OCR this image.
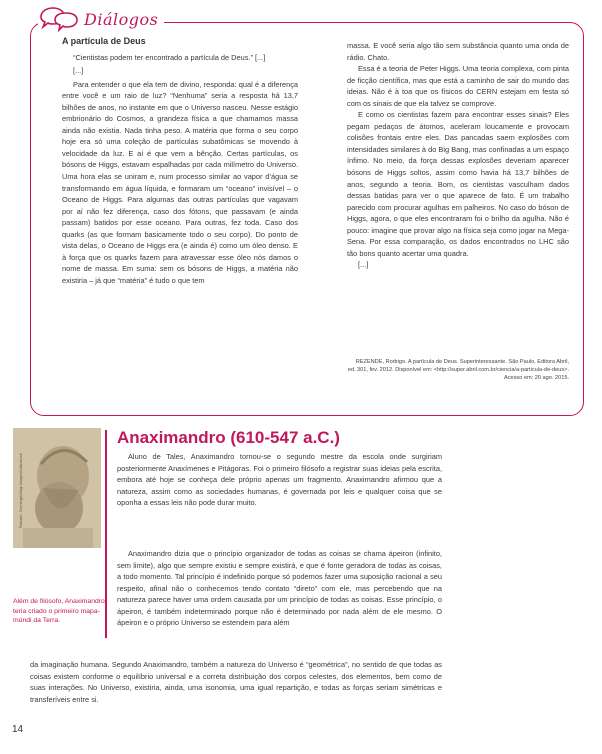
Diálogos

A partícula de Deus

“Cientistas podem ter encontrado a partícula de Deus.” [...]

[...]

Para entender o que ela tem de divino, responda: qual é a diferença entre você e um raio de luz? “Nenhuma” seria a resposta há 13,7 bilhões de anos, no instante em que o Universo nasceu. Nesse estágio embrionário do Cosmos, a grandeza física a que chamamos massa ainda não existia. Nada tinha peso. A matéria que forma o seu corpo hoje era só uma coleção de partículas subatômicas se movendo à velocidade da luz. E aí é que vem a bênção. Certas partículas, os bósons de Higgs, estavam espalhadas por cada milímetro do Universo. Uma hora elas se uniram e, num processo similar ao vapor d’água se transformando em água líquida, e formaram um “oceano” invisível – o Oceano de Higgs. Para algumas das outras partículas que vagavam por aí não fez diferença, caso dos fótons, que passavam (e ainda passam) batidos por esse oceano. Para outras, fez toda. Caso dos quarks (as que formam basicamente todo o seu corpo). Do ponto de vista delas, o Oceano de Higgs era (e ainda é) como um óleo denso. E à força que os quarks fazem para atravessar esse óleo nós damos o nome de massa. Em suma: sem os bósons de Higgs, a matéria não existiria – já que “matéria” é tudo o que tem

massa. E você seria algo tão sem substância quanto uma onda de rádio. Chato.

Essa é a teoria de Peter Higgs. Uma teoria complexa, com pinta de ficção científica, mas que está a caminho de sair do mundo das ideias. Não é à toa que os físicos do CERN estejam em festa só com os sinais de que ela talvez se comprove.

E como os cientistas fazem para encontrar esses sinais? Eles pegam pedaços de átomos, aceleram loucamente e provocam colisões frontais entre eles. Das pancadas saem explosões com intensidades similares à do Big Bang, mas confinadas a um espaço ínfimo. No meio, da força dessas explosões deveriam aparecer bósons de Higgs soltos, assim como havia há 13,7 bilhões de anos, segundo a teoria. Bom, os cientistas vasculham dados dessas batidas para ver o que aparece de fato. É um trabalho parecido com procurar agulhas em palheiros. No caso do bóson de Higgs, agora, o que eles encontraram foi o brilho da agulha. Não é pouco: imagine que provar algo na física seja como jogar na Mega-Sena. Por essa comparação, os dados encontrados no LHC são tão bons quanto acertar uma quadra.

[...]

REZENDE, Rodrigo. A partícula de Deus. Superinteressante. São Paulo, Editora Abril, ed. 301, fev. 2012. Disponível em: <http://super.abril.com.br/ciencia/a-particula-de-deus>. Acesso em: 20 ago. 2015.
Rabatti - Domingie/Akg-Images/Latinstock
Além de filósofo, Anaximandro teria criado o primeiro mapa-múndi da Terra.
Anaximandro (610-547 a.C.)

Aluno de Tales, Anaximandro tornou-se o segundo mestre da escola onde surgiriam posteriormente Anaxímenes e Pitágoras. Foi o primeiro filósofo a registrar suas ideias pela escrita, embora até hoje se conheça dele próprio apenas um fragmento. Anaximandro afirmou que a natureza, assim como as sociedades humanas, é governada por leis e qualquer coisa que se oponha a essas leis não pode durar muito.

Anaximandro dizia que o princípio organizador de todas as coisas se chama ápeiron (infinito, sem limite), algo que sempre existiu e sempre existirá, e que é fonte geradora de todas as coisas, a todo momento. Tal princípio é indefinido porque só podemos fazer uma suposição racional a seu respeito, afinal não o conhecemos tendo contato “direto” com ele, mas percebendo que na natureza parece haver uma ordem causada por um princípio de todas as coisas. Esse princípio, o ápeiron, é também indeterminado porque não é determinado por nada além de ele mesmo. O ápeiron e o próprio Universo se estendem para além

da imaginação humana. Segundo Anaximandro, também a natureza do Universo é “geométrica”, no sentido de que todas as coisas existem conforme o equilíbrio universal e a correta distribuição dos corpos celestes, dos elementos, bem como de suas interações. No Universo, existiria, ainda, uma isonomia, uma igual repartição, e todas as forças seriam simétricas e transferíveis entre si.

14
